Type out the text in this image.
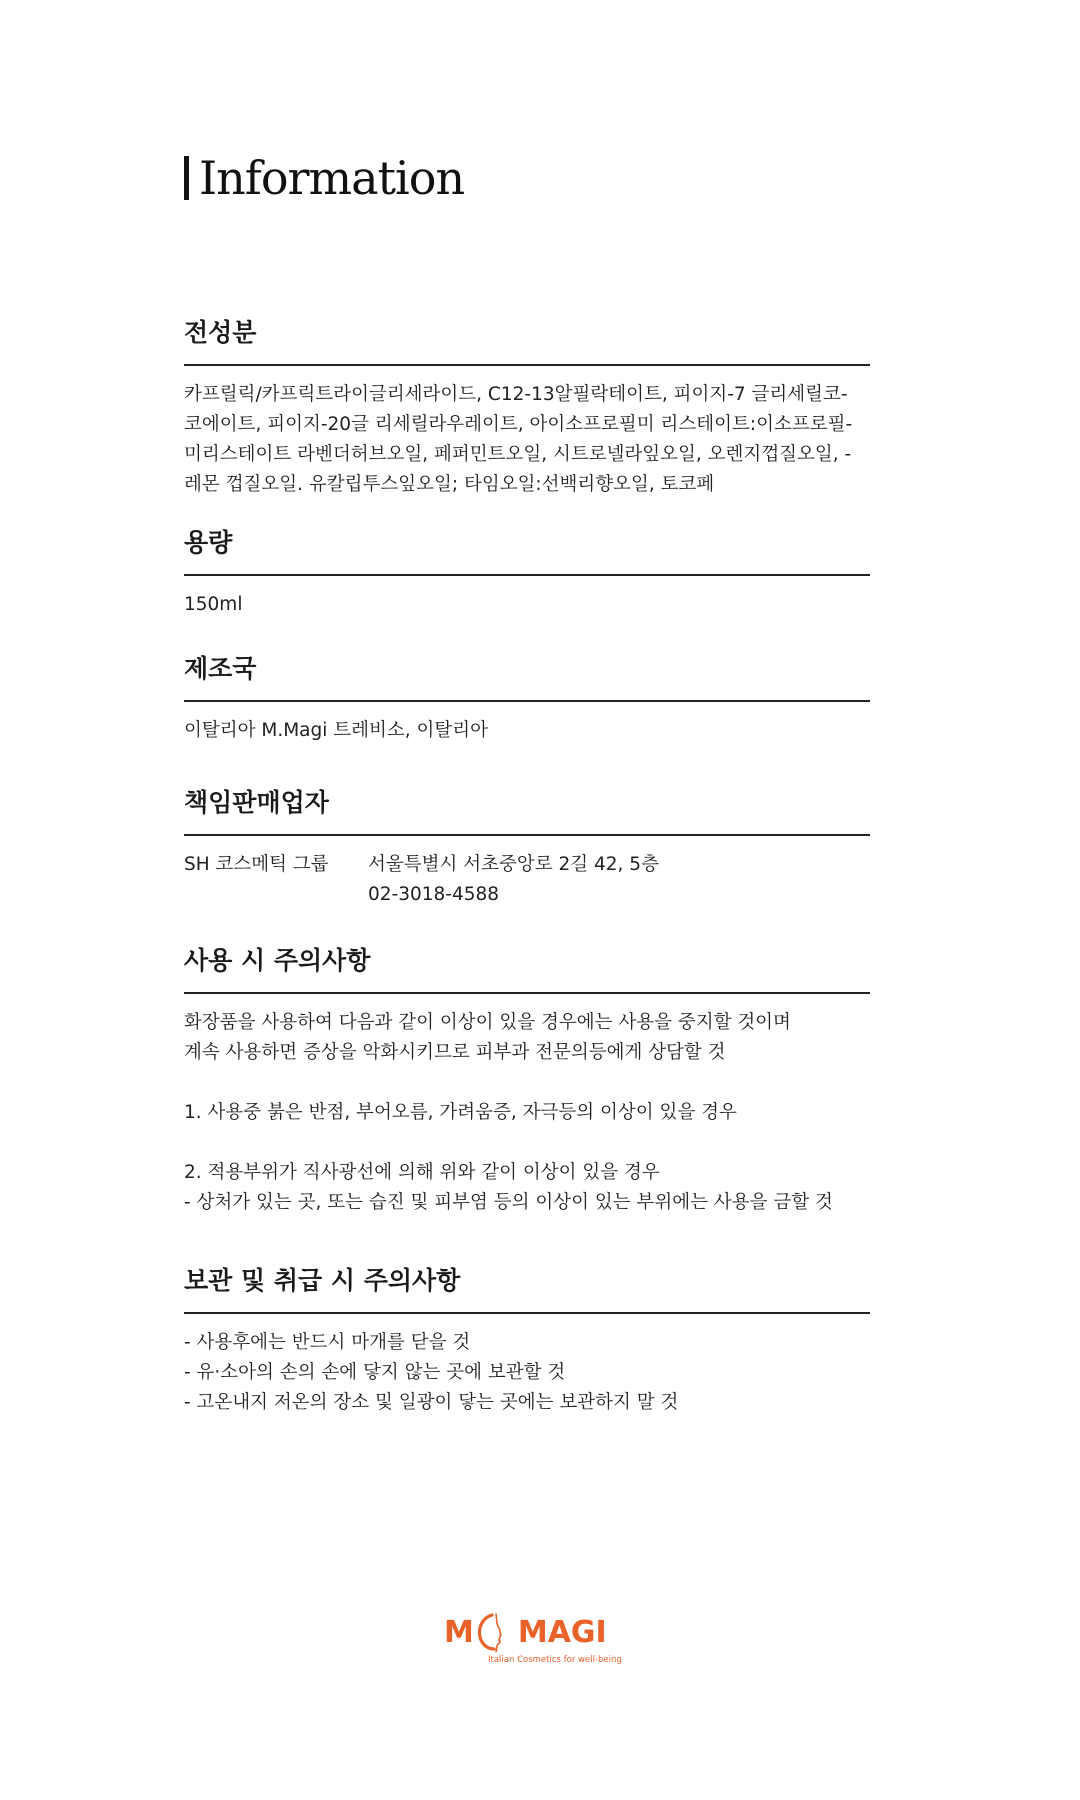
Information
전성분
카프릴릭/카프릭트라이글리세라이드, C12-13알필락테이트, 피이지-7 글리세릴코-
코에이트, 피이지-20글 리세릴라우레이트, 아이소프로필미 리스테이트:이소프로필-
미리스테이트 라벤더허브오일, 페퍼민트오일, 시트로넬라잎오일, 오렌지껍질오일, -
레몬 껍질오일. 유칼립투스잎오일; 타임오일:선백리향오일, 토코페
용량
150ml
제조국
이탈리아 M.Magi 트레비소, 이탈리아
책임판매업자
SH 코스메틱 그룹	서울특별시 서초중앙로 2길 42, 5층
02-3018-4588
사용 시 주의사항
화장품을 사용하여 다음과 같이 이상이 있을 경우에는 사용을 중지할 것이며
계속 사용하면 증상을 악화시키므로 피부과 전문의등에게 상담할 것
1. 사용중 붉은 반점, 부어오름, 가려움증, 자극등의 이상이 있을 경우
2. 적용부위가 직사광선에 의해 위와 같이 이상이 있을 경우
- 상처가 있는 곳, 또는 습진 및 피부염 등의 이상이 있는 부위에는 사용을 금할 것
보관 및 취급 시 주의사항
- 사용후에는 반드시 마개를 닫을 것
- 유·소아의 손의 손에 닿지 않는 곳에 보관할 것
- 고온내지 저온의 장소 및 일광이 닿는 곳에는 보관하지 말 것
M MAGI
Italian Cosmetics for well-being
